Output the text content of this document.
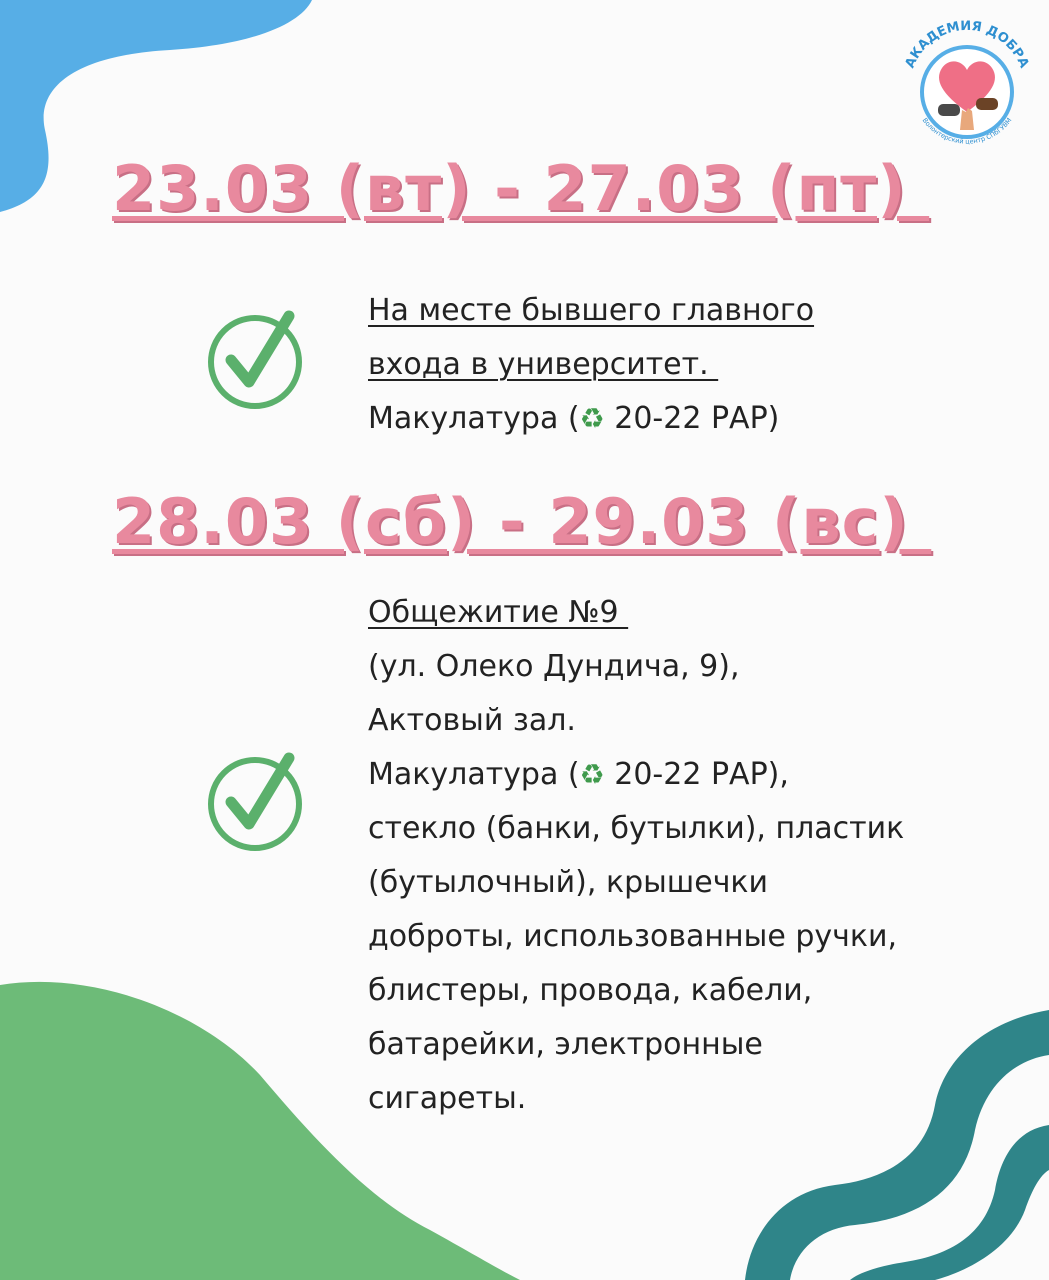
АКАДЕМИЯ ДОБРА
Волонтерский центр СПбГУВМ
23.03 (вт) - 27.03 (пт)
На месте бывшего главного
входа в университет.
Макулатура (♻ 20-22 РАР)
28.03 (сб) - 29.03 (вс)
Общежитие №9
(ул. Олеко Дундича, 9),
Актовый зал.
Макулатура (♻ 20-22 РАР),
стекло (банки, бутылки), пластик
(бутылочный), крышечки
доброты, использованные ручки,
блистеры, провода, кабели,
батарейки, электронные
сигареты.
